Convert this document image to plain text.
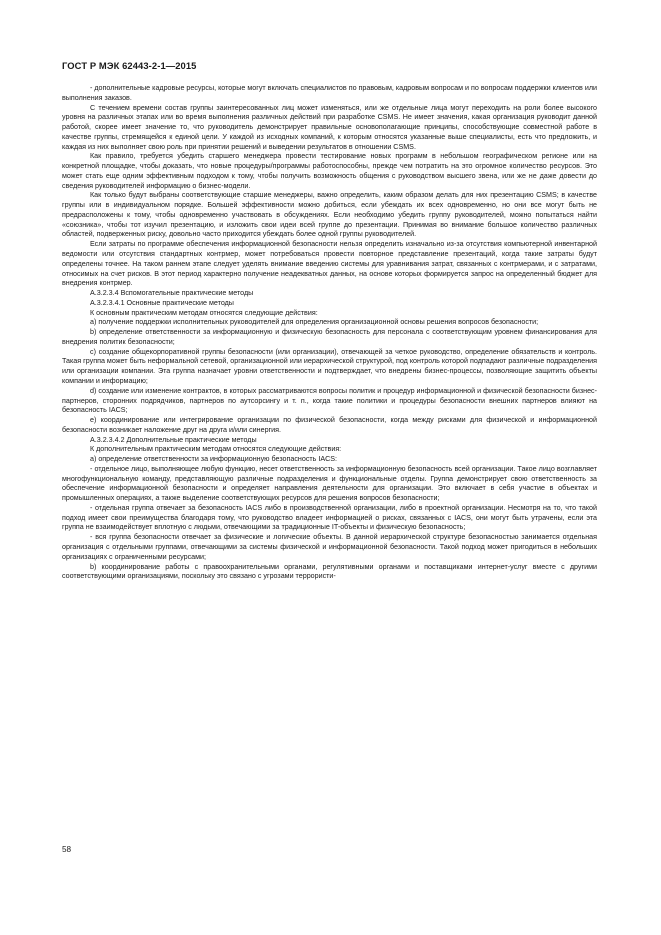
ГОСТ Р МЭК 62443-2-1—2015

- дополнительные кадровые ресурсы, которые могут включать специалистов по правовым, кадровым вопросам и по вопросам поддержки клиентов или выполнения заказов.

С течением времени состав группы заинтересованных лиц может изменяться, или же отдельные лица могут переходить на роли более высокого уровня на различных этапах или во время выполнения различных действий при разработке CSMS. Не имеет значения, какая организация руководит данной работой, скорее имеет значение то, что руководитель демонстрирует правильные основополагающие принципы, способствующие совместной работе в качестве группы, стремящейся к единой цели. У каждой из исходных компаний, к которым относятся указанные выше специалисты, есть что предложить, и каждая из них выполняет свою роль при принятии решений и выведении результатов в отношении CSMS.

Как правило, требуется убедить старшего менеджера провести тестирование новых программ в небольшом географическом регионе или на конкретной площадке, чтобы доказать, что новые процедуры/программы работоспособны, прежде чем потратить на это огромное количество ресурсов. Это может стать еще одним эффективным подходом к тому, чтобы получить возможность общения с руководством высшего звена, или же не даже довести до сведения руководителей информацию о бизнес-модели.

Как только будут выбраны соответствующие старшие менеджеры, важно определить, каким образом делать для них презентацию CSMS; в качестве группы или в индивидуальном порядке. Большей эффективности можно добиться, если убеждать их всех одновременно, но они все могут быть не предрасположены к тому, чтобы одновременно участвовать в обсуждениях. Если необходимо убедить группу руководителей, можно попытаться найти «союзника», чтобы тот изучил презентацию, и изложить свои идеи всей группе до презентации. Принимая во внимание большое количество различных областей, подверженных риску, довольно часто приходится убеждать более одной группы руководителей.

Если затраты по программе обеспечения информационной безопасности нельзя определить изначально из-за отсутствия компьютерной инвентарной ведомости или отсутствия стандартных контрмер, может потребоваться провести повторное представление презентаций, когда такие затраты будут определены точнее. На таком раннем этапе следует уделять внимание введению системы для уравнивания затрат, связанных с контрмерами, и с затратами, относимых на счет рисков. В этот период характерно получение неадекватных данных, на основе которых формируется запрос на определенный бюджет для внедрения контрмер.

А.3.2.3.4 Вспомогательные практические методы

А.3.2.3.4.1 Основные практические методы

К основным практическим методам относятся следующие действия:

а) получение поддержки исполнительных руководителей для определения организационной основы решения вопросов безопасности;

b) определение ответственности за информационную и физическую безопасность для персонала с соответствующим уровнем финансирования для внедрения политик безопасности;

с) создание общекорпоративной группы безопасности (или организации), отвечающей за четкое руководство, определение обязательств и контроль. Такая группа может быть неформальной сетевой, организационной или иерархической структурой, под контроль которой подпадают различные подразделения или организации компании. Эта группа назначает уровни ответственности и подтверждает, что внедрены бизнес-процессы, позволяющие защитить объекты компании и информацию;

d) создание или изменение контрактов, в которых рассматриваются вопросы политик и процедур информационной и физической безопасности бизнес-партнеров, сторонних подрядчиков, партнеров по аутсорсингу и т. п., когда такие политики и процедуры безопасности внешних партнеров влияют на безопасность IACS;

е) координирование или интегрирование организации по физической безопасности, когда между рисками для физической и информационной безопасности возникает наложение друг на друга и/или синергия.

А.3.2.3.4.2 Дополнительные практические методы

К дополнительным практическим методам относятся следующие действия:

а) определение ответственности за информационную безопасность IACS:

- отдельное лицо, выполняющее любую функцию, несет ответственность за информационную безопасность всей организации. Такое лицо возглавляет многофункциональную команду, представляющую различные подразделения и функциональные отделы. Группа демонстрирует свою ответственность за обеспечение информационной безопасности и определяет направления деятельности для организации. Это включает в себя участие в объектах и промышленных операциях, а также выделение соответствующих ресурсов для решения вопросов безопасности;

- отдельная группа отвечает за безопасность IACS либо в производственной организации, либо в проектной организации. Несмотря на то, что такой подход имеет свои преимущества благодаря тому, что руководство владеет информацией о рисках, связанных с IACS, они могут быть утрачены, если эта группа не взаимодействует вплотную с людьми, отвечающими за традиционные IT-объекты и физическую безопасность;

- вся группа безопасности отвечает за физические и логические объекты. В данной иерархической структуре безопасностью занимается отдельная организация с отдельными группами, отвечающими за системы физической и информационной безопасности. Такой подход может пригодиться в небольших организациях с ограниченными ресурсами;

b) координирование работы с правоохранительными органами, регулятивными органами и поставщиками интернет-услуг вместе с другими соответствующими организациями, поскольку это связано с угрозами террористи-

58
